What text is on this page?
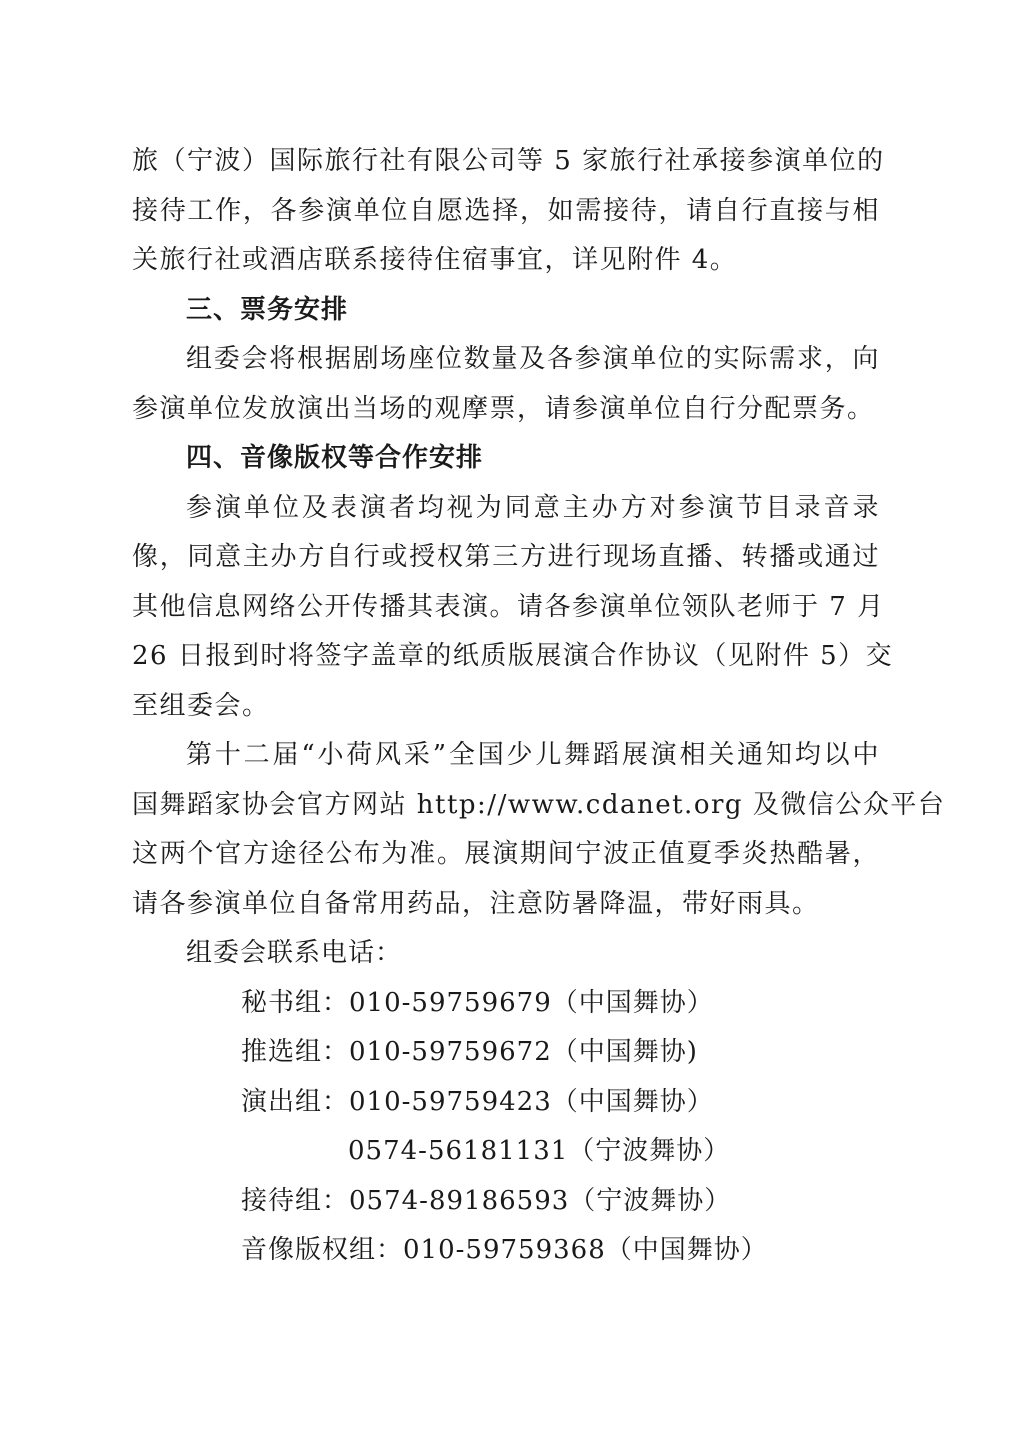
旅（宁波）国际旅行社有限公司等 5 家旅行社承接参演单位的
接待工作，各参演单位自愿选择，如需接待，请自行直接与相
关旅行社或酒店联系接待住宿事宜，详见附件 4。
三、票务安排
组委会将根据剧场座位数量及各参演单位的实际需求，向
参演单位发放演出当场的观摩票，请参演单位自行分配票务。
四、音像版权等合作安排
参演单位及表演者均视为同意主办方对参演节目录音录
像，同意主办方自行或授权第三方进行现场直播、转播或通过
其他信息网络公开传播其表演。请各参演单位领队老师于 7 月
26 日报到时将签字盖章的纸质版展演合作协议（见附件 5）交
至组委会。
第十二届“小荷风采”全国少儿舞蹈展演相关通知均以中
国舞蹈家协会官方网站 http://www.cdanet.org 及微信公众平台
这两个官方途径公布为准。展演期间宁波正值夏季炎热酷暑，
请各参演单位自备常用药品，注意防暑降温，带好雨具。
组委会联系电话：
秘书组：010-59759679（中国舞协）
推选组：010-59759672（中国舞协)
演出组：010-59759423（中国舞协）
0574-56181131（宁波舞协）
接待组：0574-89186593（宁波舞协）
音像版权组：010-59759368（中国舞协）
